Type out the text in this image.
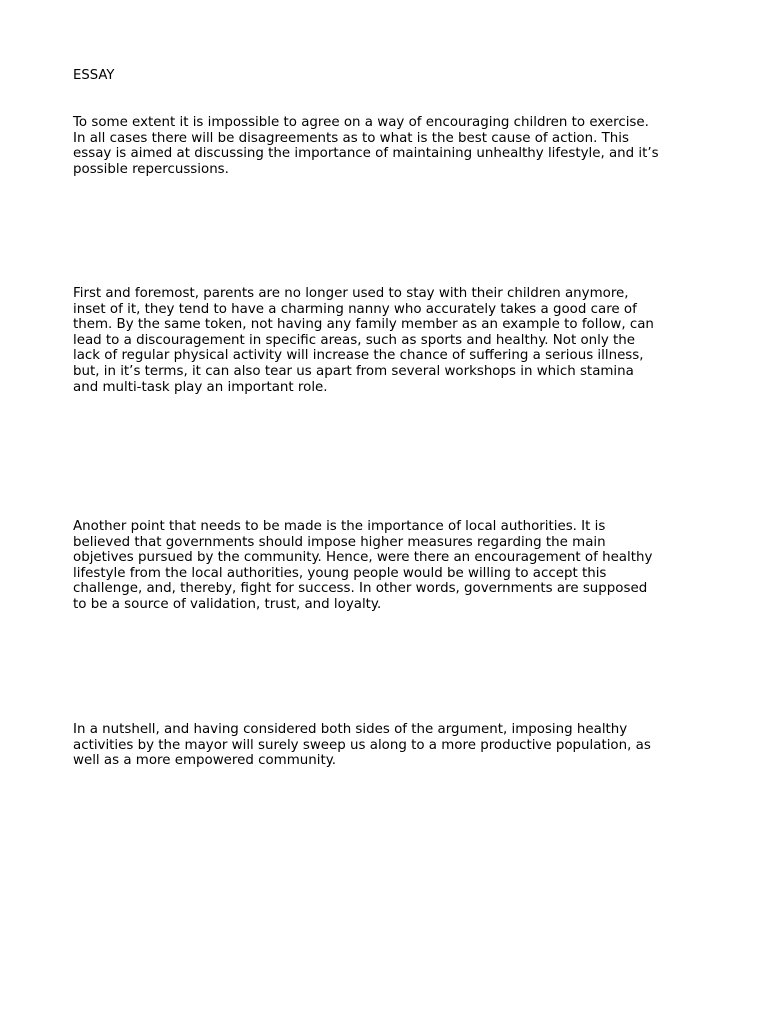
ESSAY

To some extent it is impossible to agree on a way of encouraging children to exercise.
In all cases there will be disagreements as to what is the best cause of action. This
essay is aimed at discussing the importance of maintaining unhealthy lifestyle, and it’s
possible repercussions.

First and foremost, parents are no longer used to stay with their children anymore,
inset of it, they tend to have a charming nanny who accurately takes a good care of
them. By the same token, not having any family member as an example to follow, can
lead to a discouragement in specific areas, such as sports and healthy. Not only the
lack of regular physical activity will increase the chance of suffering a serious illness,
but, in it’s terms, it can also tear us apart from several workshops in which stamina
and multi-task play an important role.

Another point that needs to be made is the importance of local authorities. It is
believed that governments should impose higher measures regarding the main
objetives pursued by the community. Hence, were there an encouragement of healthy
lifestyle from the local authorities, young people would be willing to accept this
challenge, and, thereby, fight for success. In other words, governments are supposed
to be a source of validation, trust, and loyalty.

In a nutshell, and having considered both sides of the argument, imposing healthy
activities by the mayor will surely sweep us along to a more productive population, as
well as a more empowered community.
